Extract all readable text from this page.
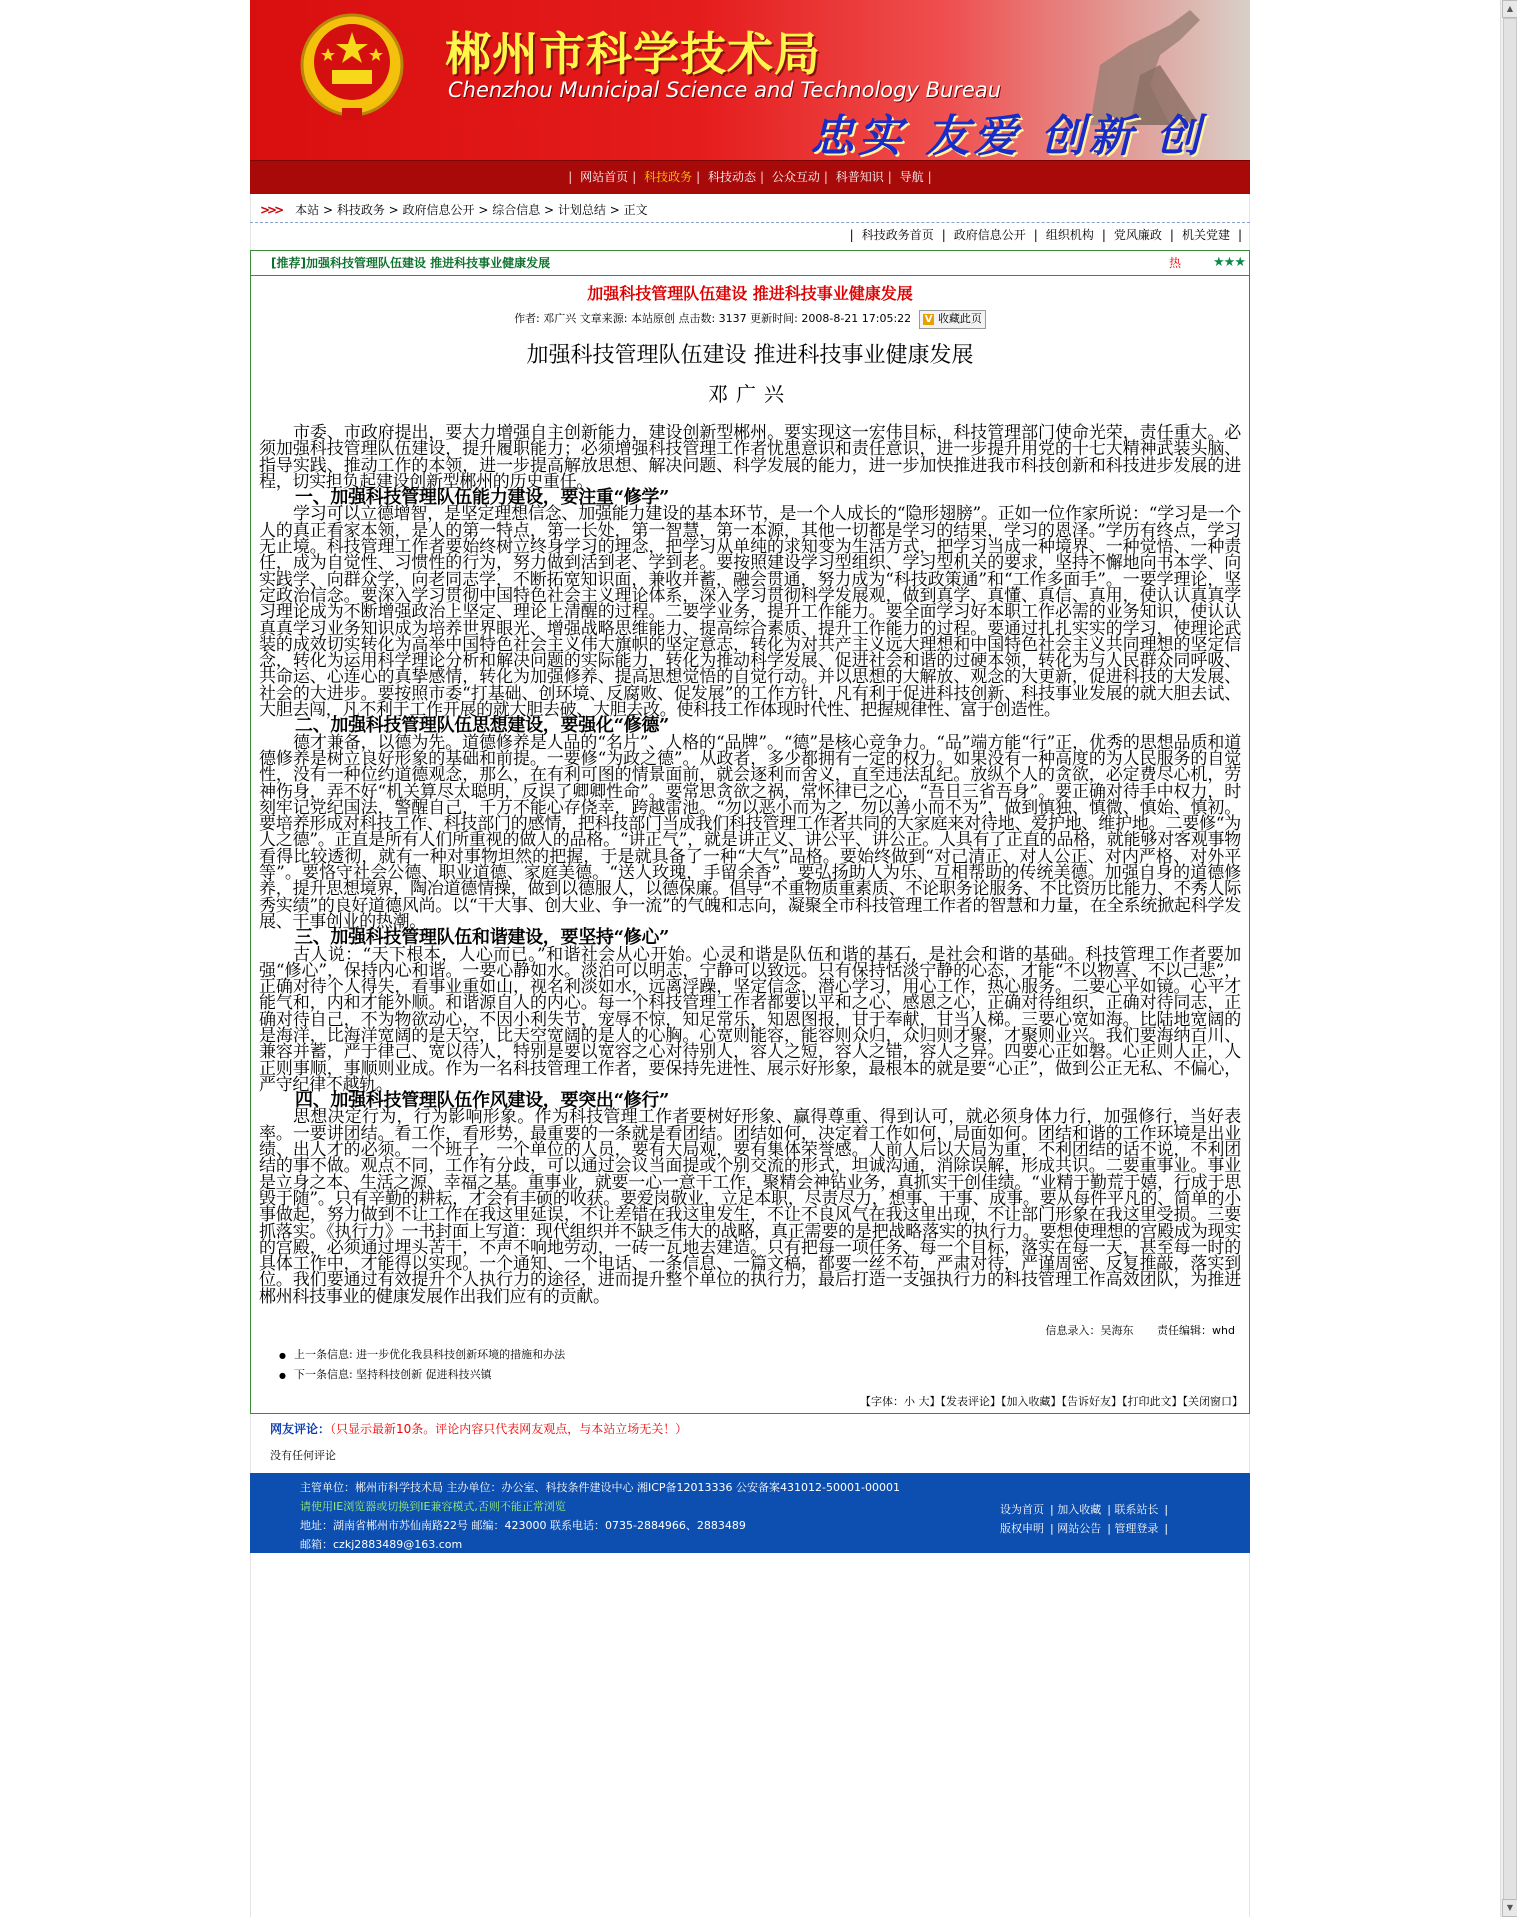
郴州市科学技术局
Chenzhou Municipal Science and Technology Bureau
忠实 友爱 创新 创
| 网站首页 | 科技政务 | 科技动态 | 公众互动 | 科普知识 | 导航 |
>>> 本站 > 科技政务 > 政府信息公开 > 综合信息 > 计划总结 > 正文
| 科技政务首页 | 政府信息公开 | 组织机构 | 党风廉政 | 机关党建 |
[推荐]加强科技管理队伍建设 推进科技事业健康发展	热 ★★★
加强科技管理队伍建设 推进科技事业健康发展
作者: 邓广兴 文章来源: 本站原创 点击数: 3137 更新时间: 2008-8-21 17:05:22 V 收藏此页
加强科技管理队伍建设 推进科技事业健康发展
邓广兴

市委、市政府提出，要大力增强自主创新能力，建设创新型郴州。要实现这一宏伟目标，科技管理部门使命光荣，责任重大。必须加强科技管理队伍建设，提升履职能力；必须增强科技管理工作者忧患意识和责任意识，进一步提升用党的十七大精神武装头脑、指导实践、推动工作的本领，进一步提高解放思想、解决问题、科学发展的能力，进一步加快推进我市科技创新和科技进步发展的进程，切实担负起建设创新型郴州的历史重任。

一、加强科技管理队伍能力建设，要注重“修学”

学习可以立德增智，是坚定理想信念、加强能力建设的基本环节，是一个人成长的“隐形翅膀”。正如一位作家所说：“学习是一个人的真正看家本领，是人的第一特点，第一长处，第一智慧，第一本源，其他一切都是学习的结果，学习的恩泽。”学历有终点，学习无止境。科技管理工作者要始终树立终身学习的理念，把学习从单纯的求知变为生活方式，把学习当成一种境界、一种觉悟、一种责任，成为自觉性、习惯性的行为，努力做到活到老、学到老。要按照建设学习型组织、学习型机关的要求，坚持不懈地向书本学、向实践学、向群众学，向老同志学，不断拓宽知识面，兼收并蓄，融会贯通，努力成为“科技政策通”和“工作多面手”。一要学理论，坚定政治信念。要深入学习贯彻中国特色社会主义理论体系，深入学习贯彻科学发展观，做到真学、真懂、真信、真用，使认认真真学习理论成为不断增强政治上坚定、理论上清醒的过程。二要学业务，提升工作能力。要全面学习好本职工作必需的业务知识，使认认真真学习业务知识成为培养世界眼光、增强战略思维能力、提高综合素质、提升工作能力的过程。要通过扎扎实实的学习，使理论武装的成效切实转化为高举中国特色社会主义伟大旗帜的坚定意志，转化为对共产主义远大理想和中国特色社会主义共同理想的坚定信念，转化为运用科学理论分析和解决问题的实际能力，转化为推动科学发展、促进社会和谐的过硬本领，转化为与人民群众同呼吸、共命运、心连心的真挚感情，转化为加强修养、提高思想觉悟的自觉行动。并以思想的大解放、观念的大更新，促进科技的大发展、社会的大进步。要按照市委“打基础、创环境、反腐败、促发展”的工作方针，凡有利于促进科技创新、科技事业发展的就大胆去试、大胆去闯，凡不利于工作开展的就大胆去破、大胆去改。使科技工作体现时代性、把握规律性、富于创造性。

二、加强科技管理队伍思想建设，要强化“修德”

德才兼备，以德为先。道德修养是人品的“名片”、人格的“品牌”。“德”是核心竞争力。“品”端方能“行”正，优秀的思想品质和道德修养是树立良好形象的基础和前提。一要修“为政之德”。从政者，多少都拥有一定的权力。如果没有一种高度的为人民服务的自觉性，没有一种位约道德观念，那么，在有利可图的情景面前，就会逐利而舍义，直至违法乱纪。放纵个人的贪欲，必定费尽心机，劳神伤身，弄不好“机关算尽太聪明，反误了卿卿性命”。要常思贪欲之祸，常怀律已之心，“吾日三省吾身”。要正确对待手中权力，时刻牢记党纪国法，警醒自己，千万不能心存侥幸，跨越雷池。“勿以恶小而为之，勿以善小而不为”，做到慎独、慎微、慎始、慎初。要培养形成对科技工作、科技部门的感情，把科技部门当成我们科技管理工作者共同的大家庭来对待地、爱护地、维护地。二要修“为人之德”。正直是所有人们所重视的做人的品格。“讲正气”，就是讲正义、讲公平、讲公正。人具有了正直的品格，就能够对客观事物看得比较透彻，就有一种对事物坦然的把握，于是就具备了一种“大气”品格。要始终做到“对己清正、对人公正、对内严格、对外平等”。要恪守社会公德、职业道德、家庭美德。“送人玫瑰，手留余香”，要弘扬助人为乐、互相帮助的传统美德。加强自身的道德修养，提升思想境界，陶冶道德情操，做到以德服人，以德保廉。倡导“不重物质重素质、不论职务论服务、不比资历比能力、不秀人际秀实绩”的良好道德风尚。以“干大事、创大业、争一流”的气魄和志向，凝聚全市科技管理工作者的智慧和力量，在全系统掀起科学发展、干事创业的热潮。

三、加强科技管理队伍和谐建设，要坚持“修心”

古人说：“天下根本，人心而已。”和谐社会从心开始。心灵和谐是队伍和谐的基石，是社会和谐的基础。科技管理工作者要加强“修心”，保持内心和谐。一要心静如水。淡泊可以明志，宁静可以致远。只有保持恬淡宁静的心态，才能“不以物喜、不以己悲”，正确对待个人得失，看事业重如山，视名利淡如水，远离浮躁，坚定信念，潜心学习，用心工作，热心服务。二要心平如镜。心平才能气和，内和才能外顺。和谐源自人的内心。每一个科技管理工作者都要以平和之心、感恩之心，正确对待组织，正确对待同志，正确对待自己，不为物欲动心，不因小利失节，宠辱不惊，知足常乐，知恩图报，甘于奉献，甘当人梯。三要心宽如海。比陆地宽阔的是海洋，比海洋宽阔的是天空，比天空宽阔的是人的心胸。心宽则能容，能容则众归，众归则才聚，才聚则业兴。我们要海纳百川、兼容并蓄，严于律己、宽以待人，特别是要以宽容之心对待别人，容人之短，容人之错，容人之异。四要心正如磐。心正则人正，人正则事顺，事顺则业成。作为一名科技管理工作者，要保持先进性、展示好形象，最根本的就是要“心正”，做到公正无私、不偏心，严守纪律不越轨。

四、加强科技管理队伍作风建设，要突出“修行”

思想决定行为，行为影响形象。作为科技管理工作者要树好形象、赢得尊重、得到认可，就必须身体力行，加强修行，当好表率。一要讲团结。看工作，看形势，最重要的一条就是看团结。团结如何，决定着工作如何，局面如何。团结和谐的工作环境是出业绩、出人才的必须。一个班子，一个单位的人员，要有大局观，要有集体荣誉感。人前人后以大局为重，不利团结的话不说，不利团结的事不做。观点不同，工作有分歧，可以通过会议当面提或个别交流的形式，坦诚沟通，消除误解，形成共识。二要重事业。事业是立身之本、生活之源、幸福之基。重事业，就要一心一意干工作，聚精会神钻业务，真抓实干创佳绩。“业精于勤荒于嬉，行成于思毁于随”。只有辛勤的耕耘，才会有丰硕的收获。要爱岗敬业，立足本职，尽责尽力，想事、干事、成事。要从每件平凡的、简单的小事做起，努力做到不让工作在我这里延误，不让差错在我这里发生，不让不良风气在我这里出现，不让部门形象在我这里受损。三要抓落实。《执行力》一书封面上写道：现代组织并不缺乏伟大的战略，真正需要的是把战略落实的执行力。要想使理想的宫殿成为现实的宫殿，必须通过埋头苦干，不声不响地劳动，一砖一瓦地去建造。只有把每一项任务、每一个目标，落实在每一天，甚至每一时的具体工作中，才能得以实现。一个通知、一个电话、一条信息、一篇文稿，都要一丝不苟，严肃对待，严谨周密、反复推敲，落实到位。我们要通过有效提升个人执行力的途径，进而提升整个单位的执行力，最后打造一支强执行力的科技管理工作高效团队，为推进郴州科技事业的健康发展作出我们应有的贡献。

信息录入：吴海东 责任编辑：whd
● 上一条信息: 进一步优化我县科技创新环境的措施和办法
● 下一条信息: 坚持科技创新 促进科技兴镇
【字体：小 大】【发表评论】【加入收藏】【告诉好友】【打印此文】【关闭窗口】
网友评论：（只显示最新10条。评论内容只代表网友观点，与本站立场无关！）
没有任何评论
主管单位：郴州市科学技术局 主办单位：办公室、科技条件建设中心 湘ICP备12013336 公安备案431012-50001-00001
请使用IE浏览器或切换到IE兼容模式,否则不能正常浏览
地址：湖南省郴州市苏仙南路22号 邮编：423000 联系电话：0735-2884966、2883489
邮箱：czkj2883489@163.com
设为首页 | 加入收藏 | 联系站长 |
版权申明 | 网站公告 | 管理登录 |
▲
▼
